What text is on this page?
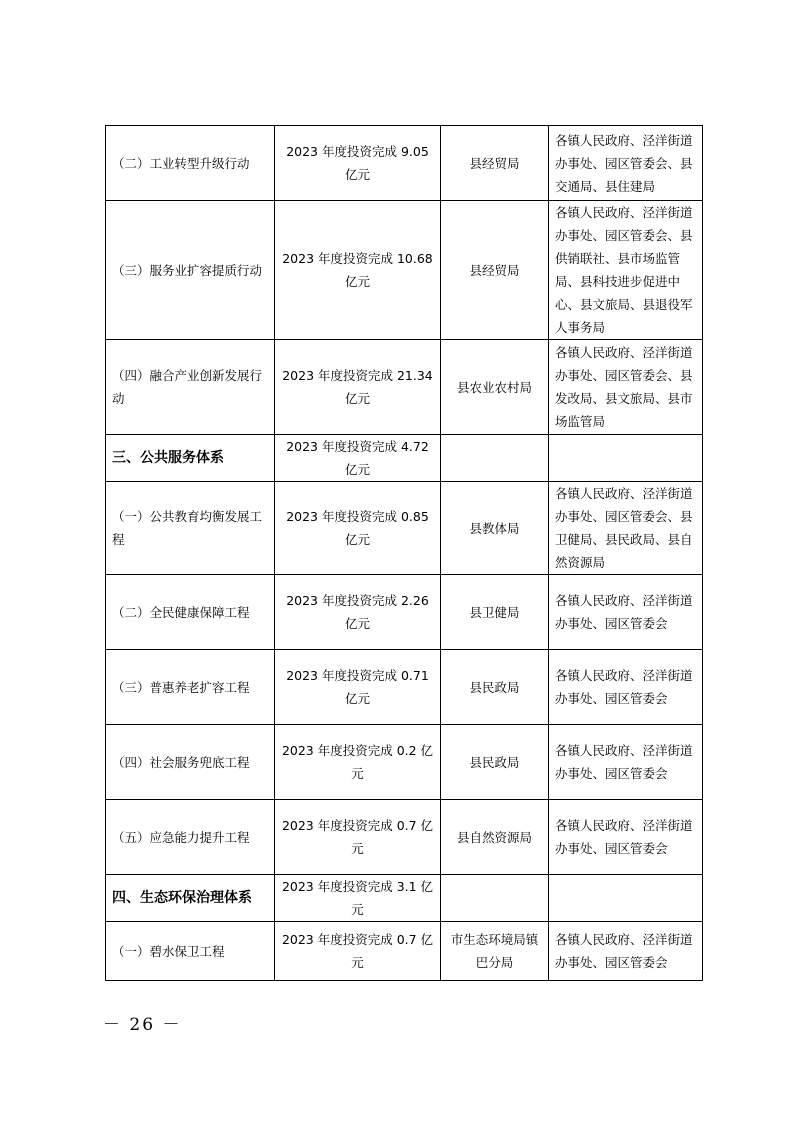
（二）工业转型升级行动	2023 年度投资完成 9.05 亿元	县经贸局	各镇人民政府、泾洋街道办事处、园区管委会、县交通局、县住建局
（三）服务业扩容提质行动	2023 年度投资完成 10.68 亿元	县经贸局	各镇人民政府、泾洋街道办事处、园区管委会、县供销联社、县市场监管局、县科技进步促进中心、县文旅局、县退役军人事务局
（四）融合产业创新发展行动	2023 年度投资完成 21.34 亿元	县农业农村局	各镇人民政府、泾洋街道办事处、园区管委会、县发改局、县文旅局、县市场监管局
三、公共服务体系	2023 年度投资完成 4.72 亿元		
（一）公共教育均衡发展工程	2023 年度投资完成 0.85 亿元	县教体局	各镇人民政府、泾洋街道办事处、园区管委会、县卫健局、县民政局、县自然资源局
（二）全民健康保障工程	2023 年度投资完成 2.26 亿元	县卫健局	各镇人民政府、泾洋街道办事处、园区管委会
（三）普惠养老扩容工程	2023 年度投资完成 0.71 亿元	县民政局	各镇人民政府、泾洋街道办事处、园区管委会
（四）社会服务兜底工程	2023 年度投资完成 0.2 亿元	县民政局	各镇人民政府、泾洋街道办事处、园区管委会
（五）应急能力提升工程	2023 年度投资完成 0.7 亿元	县自然资源局	各镇人民政府、泾洋街道办事处、园区管委会
四、生态环保治理体系	2023 年度投资完成 3.1 亿元		
（一）碧水保卫工程	2023 年度投资完成 0.7 亿元	市生态环境局镇巴分局	各镇人民政府、泾洋街道办事处、园区管委会
－ 26 －
